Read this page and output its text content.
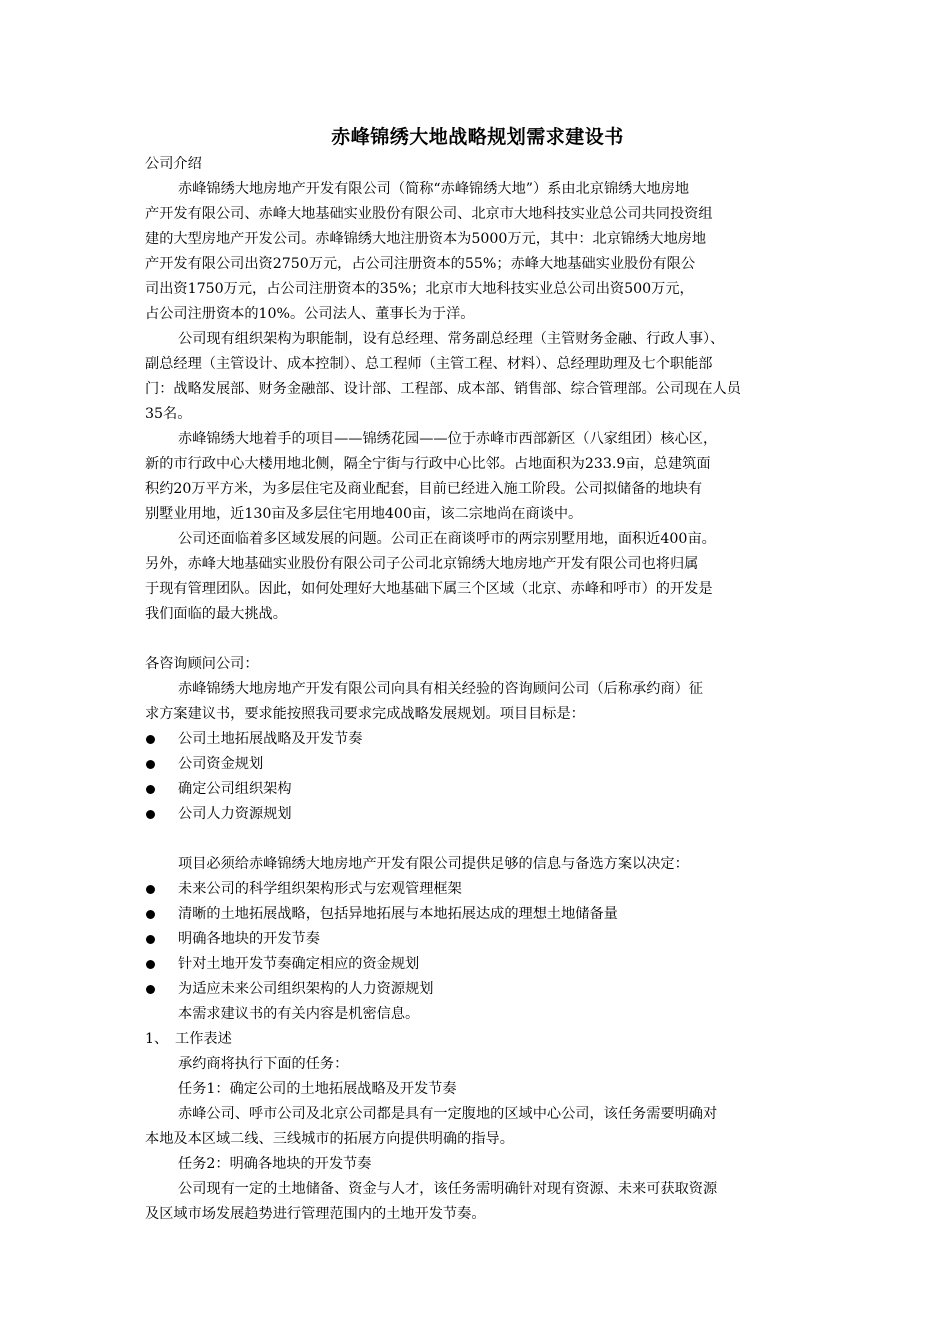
赤峰锦绣大地战略规划需求建设书
公司介绍
赤峰锦绣大地房地产开发有限公司（简称“赤峰锦绣大地”）系由北京锦绣大地房地
产开发有限公司、赤峰大地基础实业股份有限公司、北京市大地科技实业总公司共同投资组
建的大型房地产开发公司。赤峰锦绣大地注册资本为5000万元，其中：北京锦绣大地房地
产开发有限公司出资2750万元，占公司注册资本的55%；赤峰大地基础实业股份有限公
司出资1750万元，占公司注册资本的35%；北京市大地科技实业总公司出资500万元，
占公司注册资本的10%。公司法人、董事长为于洋。
公司现有组织架构为职能制，设有总经理、常务副总经理（主管财务金融、行政人事）、
副总经理（主管设计、成本控制）、总工程师（主管工程、材料）、总经理助理及七个职能部
门：战略发展部、财务金融部、设计部、工程部、成本部、销售部、综合管理部。公司现在人员
35名。
赤峰锦绣大地着手的项目——锦绣花园——位于赤峰市西部新区（八家组团）核心区，
新的市行政中心大楼用地北侧，隔全宁街与行政中心比邻。占地面积为233.9亩，总建筑面
积约20万平方米，为多层住宅及商业配套，目前已经进入施工阶段。公司拟储备的地块有
别墅业用地，近130亩及多层住宅用地400亩，该二宗地尚在商谈中。
公司还面临着多区域发展的问题。公司正在商谈呼市的两宗别墅用地，面积近400亩。
另外，赤峰大地基础实业股份有限公司子公司北京锦绣大地房地产开发有限公司也将归属
于现有管理团队。因此，如何处理好大地基础下属三个区域（北京、赤峰和呼市）的开发是
我们面临的最大挑战。
各咨询顾问公司：
赤峰锦绣大地房地产开发有限公司向具有相关经验的咨询顾问公司（后称承约商）征
求方案建议书，要求能按照我司要求完成战略发展规划。项目目标是：
公司土地拓展战略及开发节奏
公司资金规划
确定公司组织架构
公司人力资源规划
项目必须给赤峰锦绣大地房地产开发有限公司提供足够的信息与备选方案以决定：
未来公司的科学组织架构形式与宏观管理框架
清晰的土地拓展战略，包括异地拓展与本地拓展达成的理想土地储备量
明确各地块的开发节奏
针对土地开发节奏确定相应的资金规划
为适应未来公司组织架构的人力资源规划
本需求建议书的有关内容是机密信息。
1、 工作表述
承约商将执行下面的任务：
任务1：确定公司的土地拓展战略及开发节奏
赤峰公司、呼市公司及北京公司都是具有一定腹地的区域中心公司，该任务需要明确对
本地及本区域二线、三线城市的拓展方向提供明确的指导。
任务2：明确各地块的开发节奏
公司现有一定的土地储备、资金与人才，该任务需明确针对现有资源、未来可获取资源
及区域市场发展趋势进行管理范围内的土地开发节奏。
